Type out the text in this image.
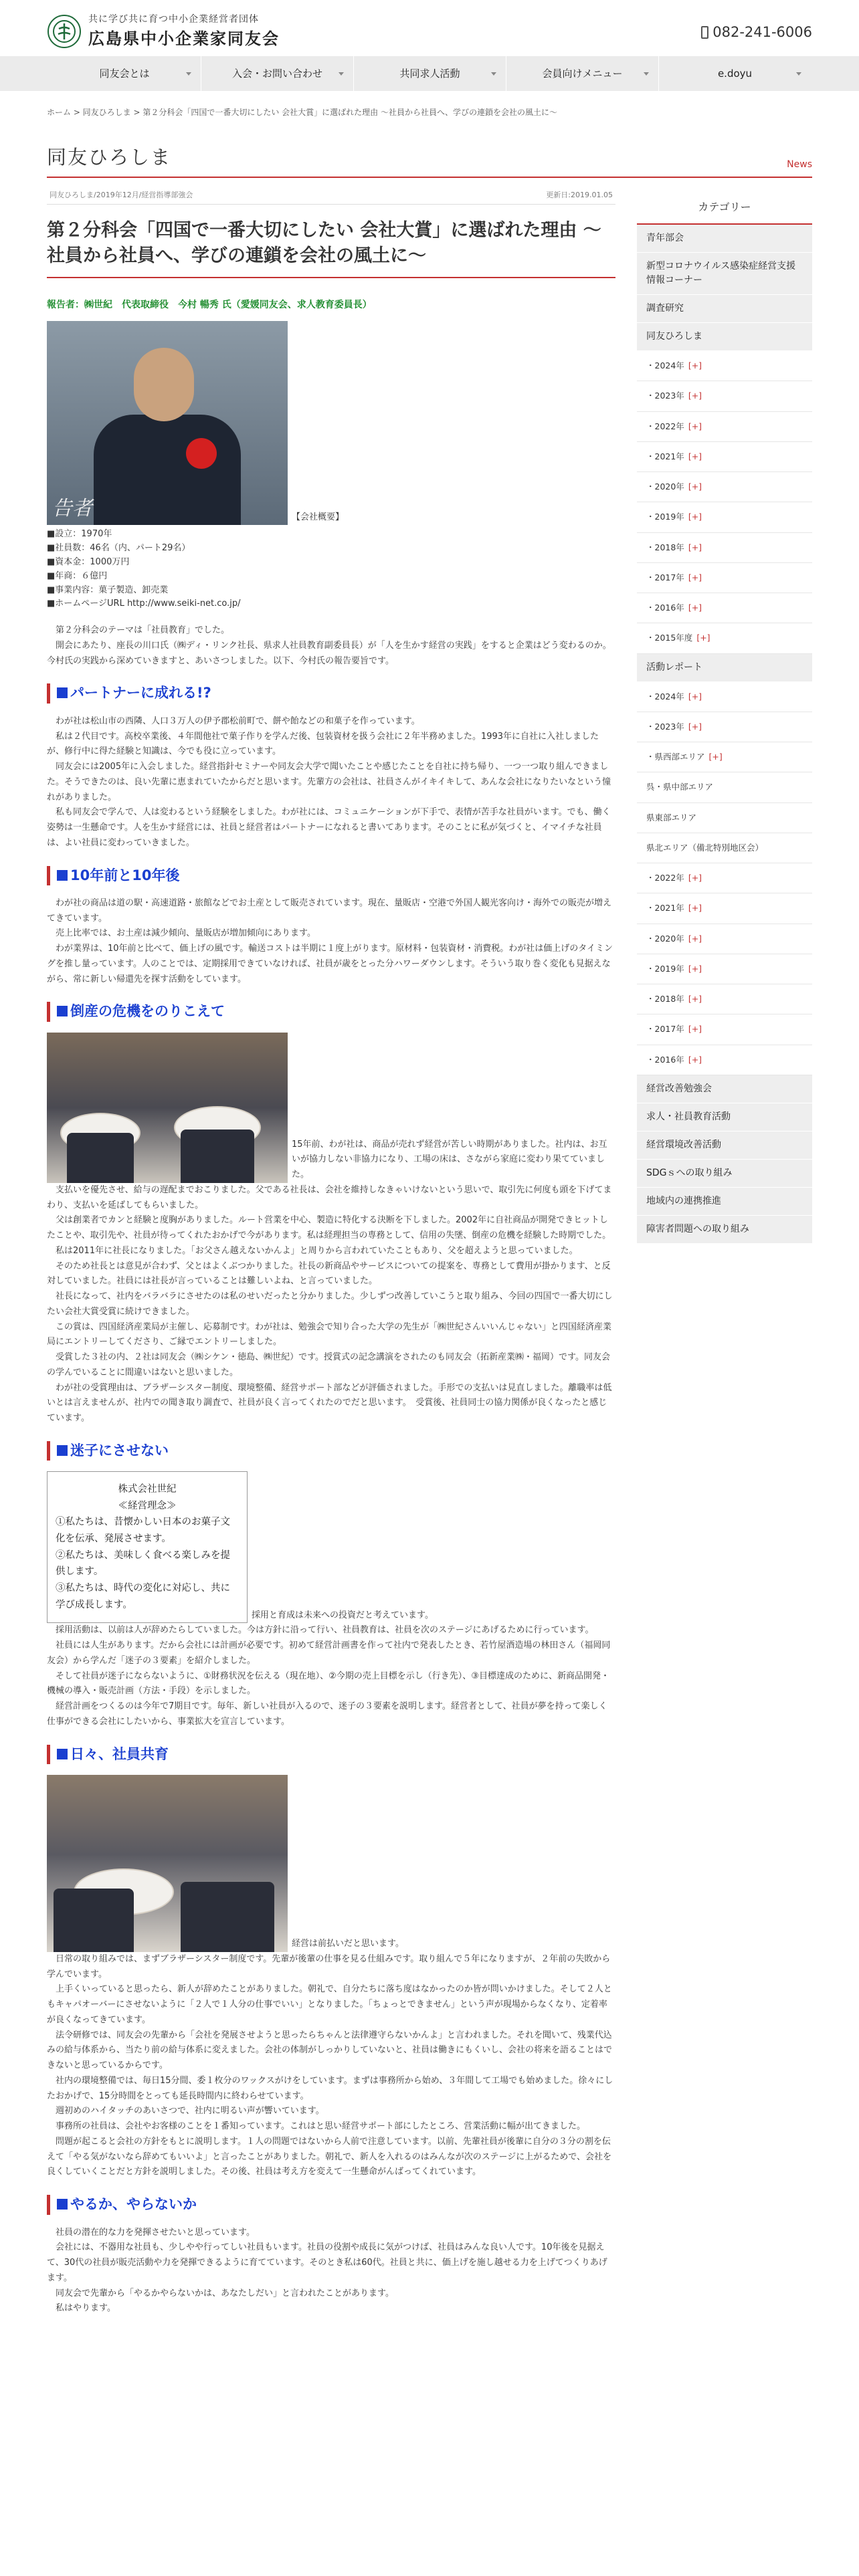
共に学び共に育つ中小企業経営者団体
広島県中小企業家同友会	082-241-6006
同友会とは	入会・お問い合わせ	共同求人活動	会員向けメニュー	e.doyu
ホーム > 同友ひろしま > 第２分科会「四国で一番大切にしたい 会社大賞」に選ばれた理由 ～社員から社員へ、学びの連鎖を会社の風土に～
同友ひろしま	News
同友ひろしま/2019年12月/経営指導部強会	更新日:2019.01.05
第２分科会「四国で一番大切にしたい 会社大賞」に選ばれた理由 ～社員から社員へ、学びの連鎖を会社の風土に～
報告者：㈱世紀　代表取締役　今村 暢秀 氏（愛媛同友会、求人教育委員長）
告者	【会社概要】

■設立：1970年

■社員数：46名（内、パート29名）

■資本金：1000万円

■年商：６億円

■事業内容：菓子製造、卸売業

■ホームページURL http://www.seiki-net.co.jp/

第２分科会のテーマは「社員教育」でした。

開会にあたり、座長の川口氏（㈱ディ・リンク社長、県求人社員教育副委員長）が「人を生かす経営の実践」をすると企業はどう変わるのか。今村氏の実践から深めていきますと、あいさつしました。以下、今村氏の報告要旨です。

パートナーに成れる!?

わが社は松山市の西隣、人口３万人の伊予郡松前町で、餅や飴などの和菓子を作っています。

私は２代目です。高校卒業後、４年間他社で菓子作りを学んだ後、包装資材を扱う会社に２年半務めました。1993年に自社に入社しましたが、修行中に得た経験と知識は、今でも役に立っています。

同友会には2005年に入会しました。経営指針セミナーや同友会大学で聞いたことや感じたことを自社に持ち帰り、一つ一つ取り組んできました。そうできたのは、良い先輩に恵まれていたからだと思います。先輩方の会社は、社員さんがイキイキして、あんな会社になりたいなという憧れがありました。

私も同友会で学んで、人は変わるという経験をしました。わが社には、コミュニケーションが下手で、表情が苦手な社員がいます。でも、働く姿勢は一生懸命です。人を生かす経営には、社員と経営者はパートナーになれると書いてあります。そのことに私が気づくと、イマイチな社員は、よい社員に変わっていきました。

10年前と10年後

わが社の商品は道の駅・高速道路・旅館などでお土産として販売されています。現在、量販店・空港で外国人観光客向け・海外での販売が増えてきています。

売上比率では、お土産は減少傾向、量販店が増加傾向にあります。

わが業界は、10年前と比べて、価上げの風です。輸送コストは半期に１度上がります。原材料・包装資材・消費税。わが社は価上げのタイミングを推し量っています。人のことでは、定期採用できていなければ、社員が歳をとった分ハワーダウンします。そういう取り巻く変化も見据えながら、常に新しい帰還先を探す活動をしています。

倒産の危機をのりこえて
15年前、わが社は、商品が売れず経営が苦しい時期がありました。社内は、お互いが協力しない非協力になり、工場の床は、さながら家庭に変わり果てていました。

支払いを優先させ、給与の遅配までおこりました。父である社長は、会社を維持しなきゃいけないという思いで、取引先に何度も頭を下げてまわり、支払いを延ばしてもらいました。

父は創業者でカンと経験と度胸がありました。ルート営業を中心、製造に特化する決断を下しました。2002年に自社商品が開発できヒットしたことや、取引先や、社員が待ってくれたおかげで今があります。私は経理担当の専務として、信用の失墜、倒産の危機を経験した時期でした。

私は2011年に社長になりました。「お父さん越えないかんよ」と周りから言われていたこともあり、父を超えようと思っていました。

そのため社長とは意見が合わず、父とはよくぶつかりました。社長の新商品やサービスについての提案を、専務として費用が掛かります、と反対していました。社員には社長が言っていることは難しいよね、と言っていました。

社長になって、社内をバラバラにさせたのは私のせいだったと分かりました。少しずつ改善していこうと取り組み、今回の四国で一番大切にしたい会社大賞受賞に続けできました。

この賞は、四国経済産業局が主催し、応募制です。わが社は、勉強会で知り合った大学の先生が「㈱世紀さんいいんじゃない」と四国経済産業局にエントリーしてくださり、ご縁でエントリーしました。

受賞した３社の内、２社は同友会（㈱シケン・徳島、㈱世紀）です。授賞式の記念講演をされたのも同友会（拓新産業㈱・福岡）です。同友会の学んでいることに間違いはないと思いました。

わが社の受賞理由は、ブラザーシスター制度、環境整備、経営サポート部などが評価されました。手形での支払いは見直しました。離職率は低いとは言えませんが、社内での聞き取り調査で、社員が良く言ってくれたのでだと思います。　受賞後、社員同士の協力関係が良くなったと感じています。

迷子にさせない
株式会社世紀
≪経営理念≫
①私たちは、昔懐かしい日本のお菓子文化を伝承、発展させます。
②私たちは、美味しく食べる楽しみを提供します。
③私たちは、時代の変化に対応し、共に学び成長します。
採用と育成は未来への投資だと考えています。

採用活動は、以前は人が辞めたらしていました。今は方針に沿って行い、社員教育は、社員を次のステージにあげるために行っています。

社員には人生があります。だから会社には計画が必要です。初めて経営計画書を作って社内で発表したとき、若竹屋酒造場の林田さん（福岡同友会）から学んだ「迷子の３要素」を紹介しました。

そして社員が迷子にならないように、①財務状況を伝える（現在地）、②今期の売上目標を示し（行き先）、③目標達成のために、新商品開発・機械の導入・販売計画（方法・手段）を示しました。

経営計画をつくるのは今年で7期目です。毎年、新しい社員が入るので、迷子の３要素を説明します。経営者として、社員が夢を持って楽しく仕事ができる会社にしたいから、事業拡大を宣言しています。

日々、社員共育
経営は前払いだと思います。

日常の取り組みでは、まずブラザーシスター制度です。先輩が後輩の仕事を見る仕組みです。取り組んで５年になりますが、２年前の失敗から学んでいます。

上手くいっていると思ったら、新人が辞めたことがありました。朝礼で、自分たちに落ち度はなかったのか皆が問いかけました。そして２人ともキャパオーバーにさせないように「２人で１人分の仕事でいい」となりました。「ちょっとできません」という声が現場からなくなり、定着率が良くなってきています。

法令研修では、同友会の先輩から「会社を発展させようと思ったらちゃんと法律遵守らないかんよ」と言われました。それを聞いて、残業代込みの給与体系から、当たり前の給与体系に変えました。会社の体制がしっかりしていないと、社員は働きにもくいし、会社の将来を語ることはできないと思っているからです。

社内の環境整備では、毎日15分間、委１枚分のワックスがけをしています。まずは事務所から始め、３年間して工場でも始めました。徐々にしたおかげで、15分時間をとっても延長時間内に終わらせています。

週初めのハイタッチのあいさつで、社内に明るい声が響いています。

事務所の社員は、会社やお客様のことを１番知っています。これはと思い経営サポート部にしたところ、営業活動に幅が出てきました。

問題が起こると会社の方針をもとに説明します。１人の問題ではないから人前で注意しています。以前、先輩社員が後輩に自分の３分の割を伝えて「やる気がないなら辞めてもいいよ」と言ったことがありました。朝礼で、新人を入れるのはみんなが次のステージに上がるためで、会社を良くしていくことだと方針を説明しました。その後、社員は考え方を変えて一生懸命がんばってくれています。

やるか、やらないか

社員の潜在的な力を発揮させたいと思っています。

会社には、不器用な社員も、少しやや行ってしい社員もいます。社員の役割や成長に気がつけば、社員はみんな良い人です。10年後を見据えて、30代の社員が販売活動や力を発揮できるように育てています。そのとき私は60代。社員と共に、価上げを施し越せる力を上げてつくりあげます。

同友会で先輩から「やるかやらないかは、あなたしだい」と言われたことがあります。

私はやります。

カテゴリー
青年部会
新型コロナウイルス感染症経営支援情報コーナー
調査研究
同友ひろしま
・2024年 [+]
・2023年 [+]
・2022年 [+]
・2021年 [+]
・2020年 [+]
・2019年 [+]
・2018年 [+]
・2017年 [+]
・2016年 [+]
・2015年度 [+]
活動レポート
・2024年 [+]
・2023年 [+]
・県西部エリア [+]
呉・県中部エリア
県東部エリア
県北エリア（備北特別地区会）
・2022年 [+]
・2021年 [+]
・2020年 [+]
・2019年 [+]
・2018年 [+]
・2017年 [+]
・2016年 [+]
経営改善勉強会
求人・社員教育活動
経営環境改善活動
SDGｓへの取り組み
地域内の連携推進
障害者問題への取り組み
